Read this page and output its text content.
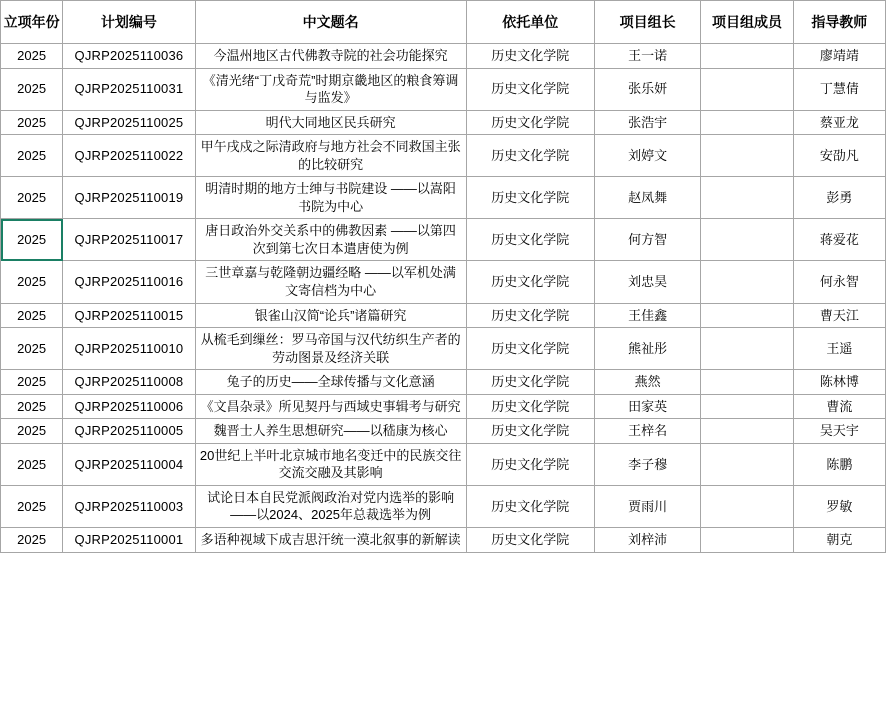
立项年份	计划编号	中文题名	依托单位	项目组长	项目组成员	指导教师
2025	QJRP2025110036	今温州地区古代佛教寺院的社会功能探究	历史文化学院	王一诺		廖靖靖
2025	QJRP2025110031	《清光绪“丁戊奇荒”时期京畿地区的粮食筹调与监发》	历史文化学院	张乐妍		丁慧倩
2025	QJRP2025110025	明代大同地区民兵研究	历史文化学院	张浩宇		蔡亚龙
2025	QJRP2025110022	甲午戌戍之际清政府与地方社会不同救国主张的比较研究	历史文化学院	刘婷文		安劭凡
2025	QJRP2025110019	明清时期的地方士绅与书院建设 ——以嵩阳书院为中心	历史文化学院	赵凤舞		彭勇
2025	QJRP2025110017	唐日政治外交关系中的佛教因素 ——以第四次到第七次日本遣唐使为例	历史文化学院	何方智		蒋爱花
2025	QJRP2025110016	三世章嘉与乾隆朝边疆经略 ——以军机处满文寄信档为中心	历史文化学院	刘忠昊		何永智
2025	QJRP2025110015	银雀山汉简“论兵”诸篇研究	历史文化学院	王佳鑫		曹天江
2025	QJRP2025110010	从梳毛到缫丝：罗马帝国与汉代纺织生产者的劳动图景及经济关联	历史文化学院	熊祉彤		王遥
2025	QJRP2025110008	兔子的历史——全球传播与文化意涵	历史文化学院	燕然		陈林博
2025	QJRP2025110006	《文昌杂录》所见契丹与西域史事辑考与研究	历史文化学院	田家英		曹流
2025	QJRP2025110005	魏晋士人养生思想研究——以嵇康为核心	历史文化学院	王梓名		吴天宇
2025	QJRP2025110004	20世纪上半叶北京城市地名变迁中的民族交往交流交融及其影响	历史文化学院	李子穆		陈鹏
2025	QJRP2025110003	试论日本自民党派阀政治对党内选举的影响——以2024、2025年总裁选举为例	历史文化学院	贾雨川		罗敏
2025	QJRP2025110001	多语种视域下成吉思汗统一漠北叙事的新解读	历史文化学院	刘梓沛		朝克
